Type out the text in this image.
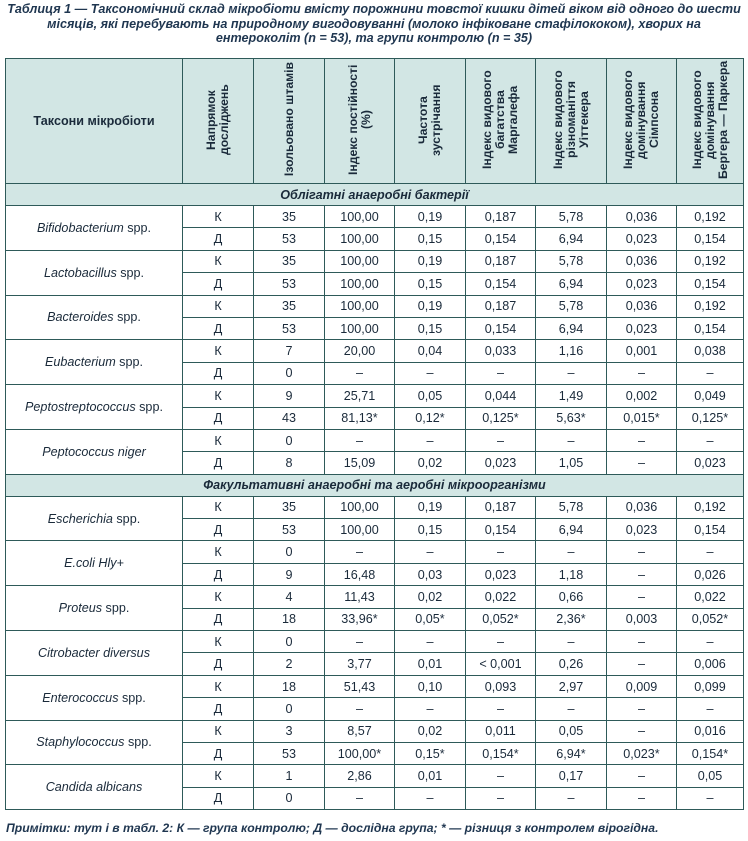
Таблиця 1 — Таксономічний склад мікробіоти вмісту порожнини товстої кишки дітей віком від одного до шести місяців, які перебувають на природному вигодовуванні (молоко інфіковане стафілококом), хворих на ентероколіт (n = 53), та групи контролю (n = 35)
Таксони мікробіоти	Напрямок досліджень	Ізольовано штамів	Індекс постійності (%)	Частота зустрічання	Індекс видового багатства Маргалефа	Індекс видового різноманіття Уіттекера	Індекс видового домінування Сімпсона	Індекс видового домінування Бергера — Паркера
Облігатні анаеробні бактерії								
Bifidobacterium spp.	К	35	100,00	0,19	0,187	5,78	0,036	0,192
	Д	53	100,00	0,15	0,154	6,94	0,023	0,154
Lactobacillus spp.	К	35	100,00	0,19	0,187	5,78	0,036	0,192
	Д	53	100,00	0,15	0,154	6,94	0,023	0,154
Bacteroides spp.	К	35	100,00	0,19	0,187	5,78	0,036	0,192
	Д	53	100,00	0,15	0,154	6,94	0,023	0,154
Eubacterium spp.	К	7	20,00	0,04	0,033	1,16	0,001	0,038
	Д	0	–	–	–	–	–	–
Peptostreptococcus spp.	К	9	25,71	0,05	0,044	1,49	0,002	0,049
	Д	43	81,13*	0,12*	0,125*	5,63*	0,015*	0,125*
Peptococcus niger	К	0	–	–	–	–	–	–
	Д	8	15,09	0,02	0,023	1,05	–	0,023
Факультативні анаеробні та аеробні мікроорганізми								
Escherichia spp.	К	35	100,00	0,19	0,187	5,78	0,036	0,192
	Д	53	100,00	0,15	0,154	6,94	0,023	0,154
E.coli Hly+	К	0	–	–	–	–	–	–
	Д	9	16,48	0,03	0,023	1,18	–	0,026
Proteus spp.	К	4	11,43	0,02	0,022	0,66	–	0,022
	Д	18	33,96*	0,05*	0,052*	2,36*	0,003	0,052*
Citrobacter diversus	К	0	–	–	–	–	–	–
	Д	2	3,77	0,01	< 0,001	0,26	–	0,006
Enterococcus spp.	К	18	51,43	0,10	0,093	2,97	0,009	0,099
	Д	0	–	–	–	–	–	–
Staphylococcus spp.	К	3	8,57	0,02	0,011	0,05	–	0,016
	Д	53	100,00*	0,15*	0,154*	6,94*	0,023*	0,154*
Candida albicans	К	1	2,86	0,01	–	0,17	–	0,05
	Д	0	–	–	–	–	–	–
Примітки: тут і в табл. 2: К — група контролю; Д — дослідна група; * — різниця з контролем вірогідна.
